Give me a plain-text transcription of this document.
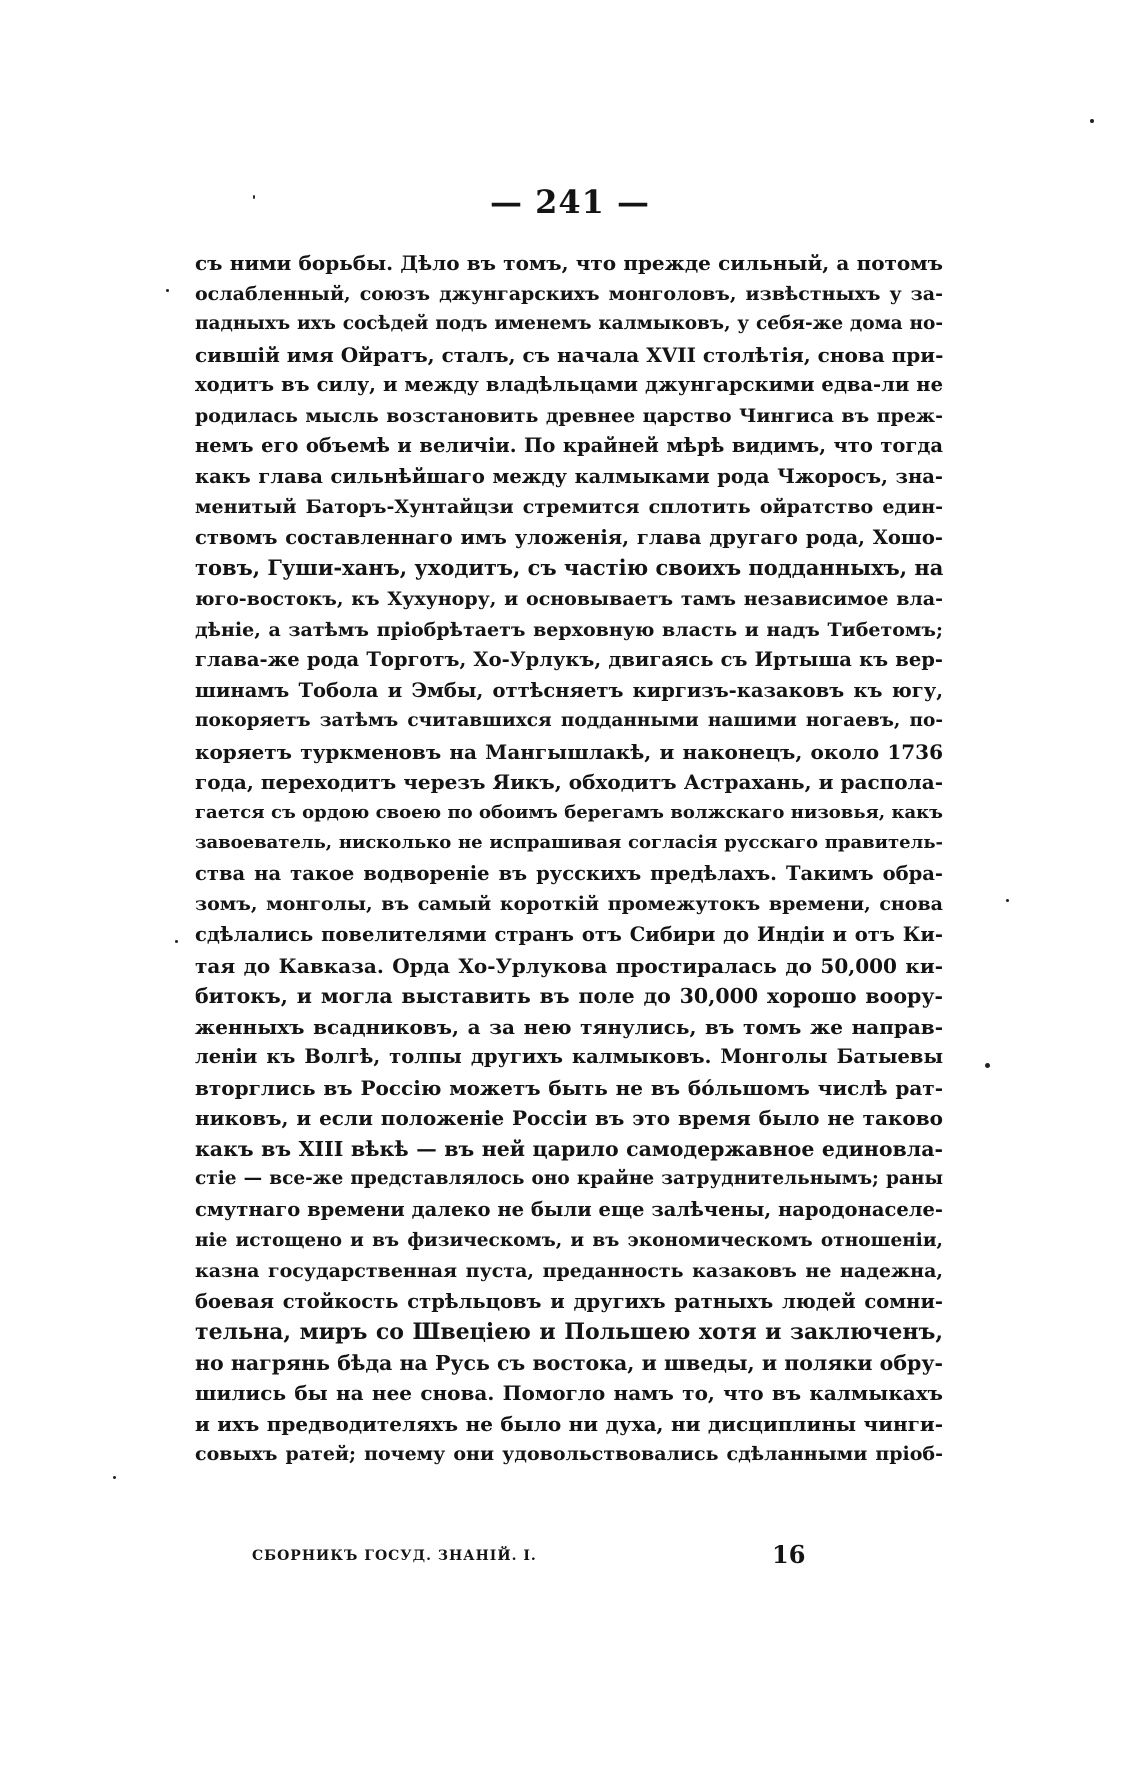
— 241 —
съ ними борьбы. Дѣло въ томъ, что прежде сильный, а потомъ
ослабленный, союзъ джунгарскихъ монголовъ, извѣстныхъ у за-
падныхъ ихъ сосѣдей подъ именемъ калмыковъ, у себя-же дома но-
сившій имя Ойратъ, сталъ, съ начала XVII столѣтія, снова при-
ходитъ въ силу, и между владѣльцами джунгарскими едва-ли не
родилась мысль возстановить древнее царство Чингиса въ преж-
немъ его объемѣ и величіи. По крайней мѣрѣ видимъ, что тогда
какъ глава сильнѣйшаго между калмыками рода Чжоросъ, зна-
менитый Баторъ-Хунтайцзи стремится сплотить ойратство един-
ствомъ составленнаго имъ уложенія, глава другаго рода, Хошо-
товъ, Гуши-ханъ, уходитъ, съ частію своихъ подданныхъ, на
юго-востокъ, къ Хухунору, и основываетъ тамъ независимое вла-
дѣніе, а затѣмъ пріобрѣтаетъ верховную власть и надъ Тибетомъ;
глава-же рода Торготъ, Хо-Урлукъ, двигаясь съ Иртыша къ вер-
шинамъ Тобола и Эмбы, оттѣсняетъ киргизъ-казаковъ къ югу,
покоряетъ затѣмъ считавшихся подданными нашими ногаевъ, по-
коряетъ туркменовъ на Мангышлакѣ, и наконецъ, около 1736
года, переходитъ черезъ Яикъ, обходитъ Астрахань, и распола-
гается съ ордою своею по обоимъ берегамъ волжскаго низовья, какъ
завоеватель, нисколько не испрашивая согласія русскаго правитель-
ства на такое водвореніе въ русскихъ предѣлахъ. Такимъ обра-
зомъ, монголы, въ самый короткій промежутокъ времени, снова
сдѣлались повелителями странъ отъ Сибири до Индіи и отъ Ки-
тая до Кавказа. Орда Хо-Урлукова простиралась до 50,000 ки-
битокъ, и могла выставить въ поле до 30,000 хорошо воору-
женныхъ всадниковъ, а за нею тянулись, въ томъ же направ-
леніи къ Волгѣ, толпы другихъ калмыковъ. Монголы Батыевы
вторглись въ Россію можетъ быть не въ бóльшомъ числѣ рат-
никовъ, и если положеніе Россіи въ это время было не таково
какъ въ XIII вѣкѣ — въ ней царило самодержавное единовла-
стіе — все-же представлялось оно крайне затруднительнымъ; раны
смутнаго времени далеко не были еще залѣчены, народонаселе-
ніе истощено и въ физическомъ, и въ экономическомъ отношеніи,
казна государственная пуста, преданность казаковъ не надежна,
боевая стойкость стрѣльцовъ и другихъ ратныхъ людей сомни-
тельна, миръ со Швеціею и Польшею хотя и заключенъ,
но нагрянь бѣда на Русь съ востока, и шведы, и поляки обру-
шились бы на нее снова. Помогло намъ то, что въ калмыкахъ
и ихъ предводителяхъ не было ни духа, ни дисциплины чинги-
совыхъ ратей; почему они удовольствовались сдѣланными пріоб-
СБОРНИКЪ ГОСУД. ЗНАНІЙ. I.	16
